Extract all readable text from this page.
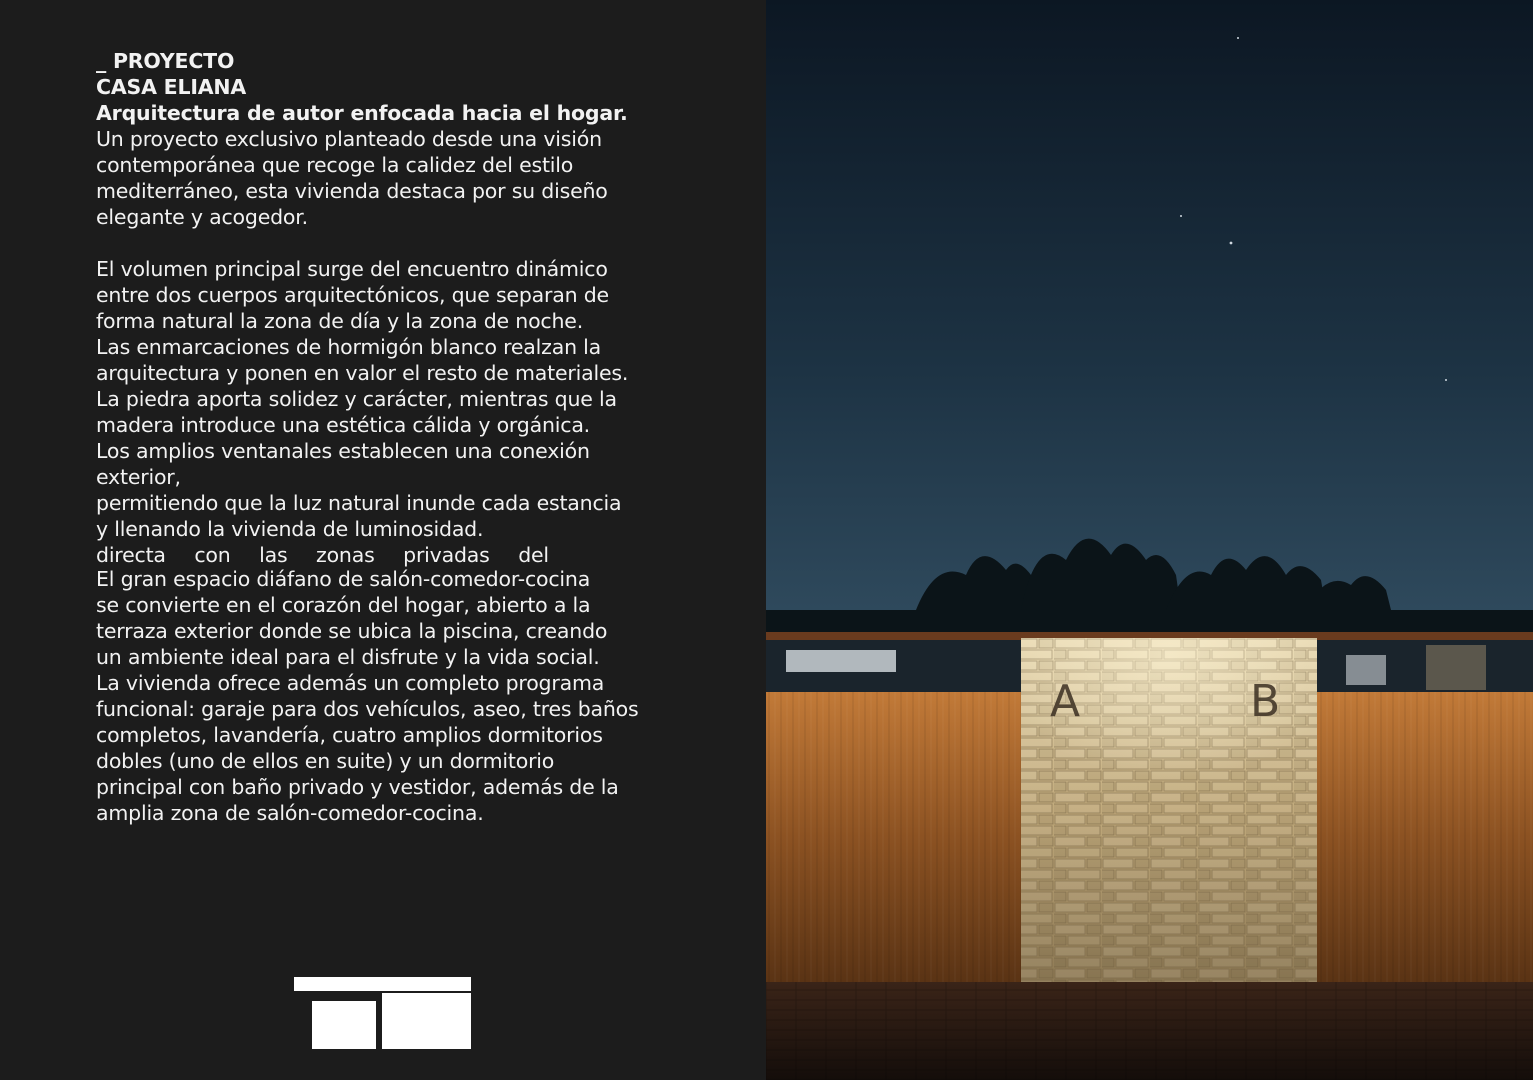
_ PROYECTO
CASA ELIANA
Arquitectura de autor enfocada hacia el hogar.
Un proyecto exclusivo planteado desde una visión
contemporánea que recoge la calidez del estilo
mediterráneo, esta vivienda destaca por su diseño
elegante y acogedor.
El volumen principal surge del encuentro dinámico
entre dos cuerpos arquitectónicos, que separan de
forma natural la zona de día y la zona de noche.
Las enmarcaciones de hormigón blanco realzan la
arquitectura y ponen en valor el resto de materiales.
La piedra aporta solidez y carácter, mientras que la
madera introduce una estética cálida y orgánica.
Los amplios ventanales establecen una conexión
exterior,
permitiendo que la luz natural inunde cada estancia
y llenando la vivienda de luminosidad.
directa con las zonas privadas del
El gran espacio diáfano de salón-comedor-cocina
se convierte en el corazón del hogar, abierto a la
terraza exterior donde se ubica la piscina, creando
un ambiente ideal para el disfrute y la vida social.
La vivienda ofrece además un completo programa
funcional: garaje para dos vehículos, aseo, tres baños
completos, lavandería, cuatro amplios dormitorios
dobles (uno de ellos en suite) y un dormitorio
principal con baño privado y vestidor, además de la
amplia zona de salón-comedor-cocina.
A	B
